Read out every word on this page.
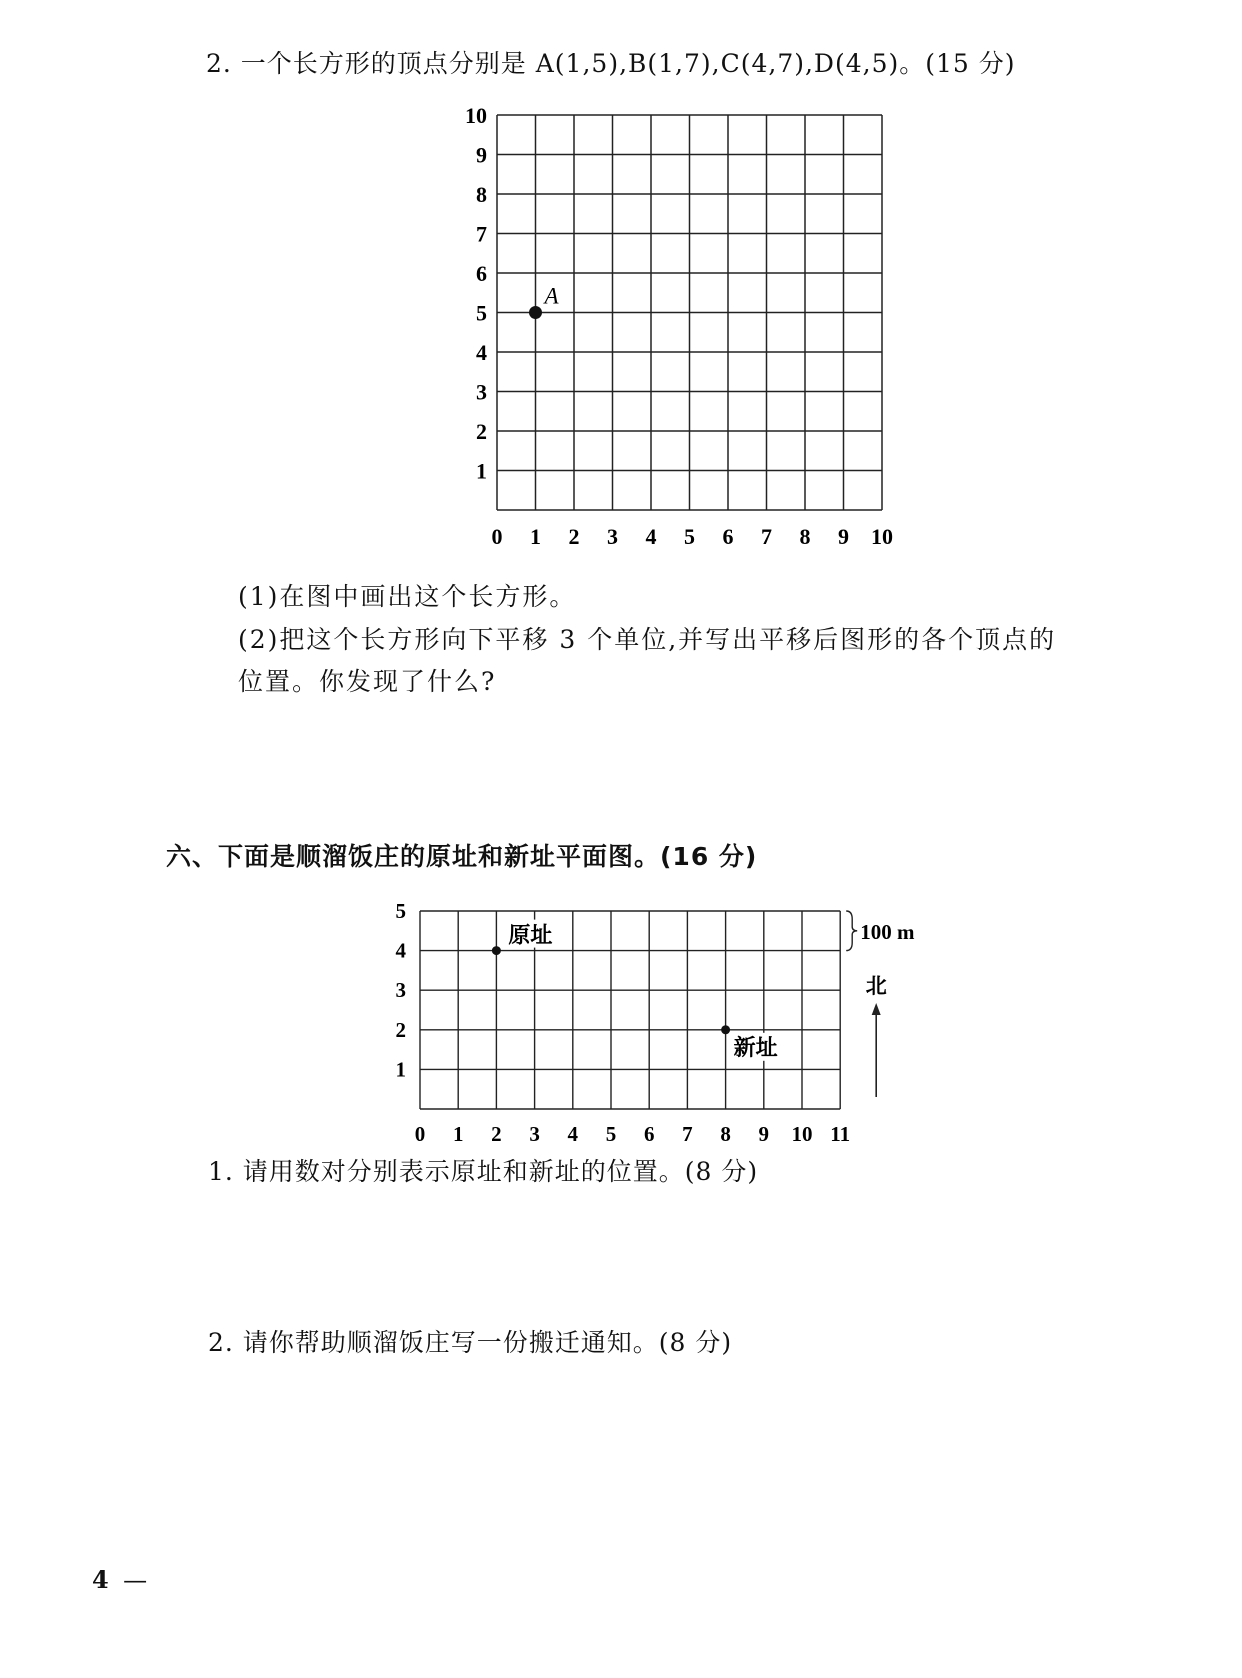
2. 一个长方形的顶点分别是 A(1,5),B(1,7),C(4,7),D(4,5)。(15 分)
0 1 2 3 4 5 6 7 8 9 10
1
2
3
4
5
6
7
8
9
10
A
(1)在图中画出这个长方形。
(2)把这个长方形向下平移 3 个单位,并写出平移后图形的各个顶点的
位置。你发现了什么?
六、下面是顺溜饭庄的原址和新址平面图。(16 分)
0 1 2 3 4 5 6 7 8 9 10 11
1
2
3
4
5
100 m
北
原址
新址
1. 请用数对分别表示原址和新址的位置。(8 分)
2. 请你帮助顺溜饭庄写一份搬迁通知。(8 分)
4 —
